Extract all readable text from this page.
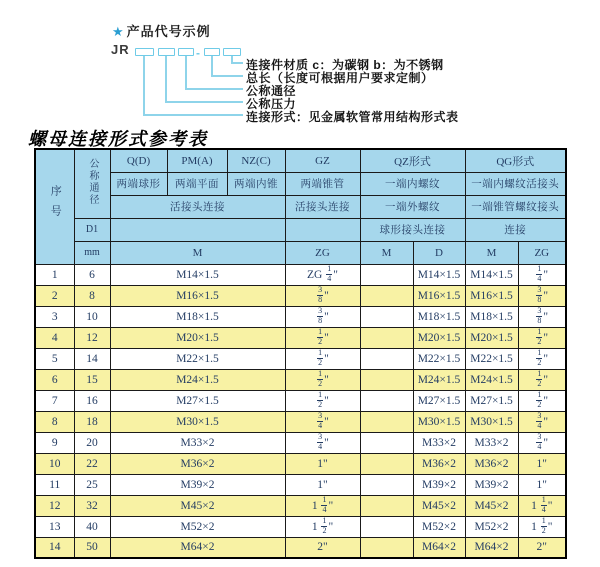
★ 产品代号示例
JR	-
连接件材质 c：为碳钢 b：为不锈钢
总长（长度可根据用户要求定制）
公称通径
公称压力
连接形式：见金属软管常用结构形式表
螺母连接形式参考表
序号	公称通径	Q(D)	PM(A)	NZ(C)	GZ	QZ形式		QG形式	
		两端球形	两端平面	两端内锥	两端锥管	一端内螺纹		一端内螺纹活接头	
		活接头连接			活接头连接	一端外螺纹		一端锥管螺纹接头	
	D1					球形接头连接		连接	
	mm	M			ZG	M	D	M	ZG
1	6	M14×1.5			ZG $\frac{1}{4}$ "		M14×1.5	M14×1.5	$\frac{1}{4}$ "
2	8	M16×1.5			$\frac{3}{8}$ "		M16×1.5	M16×1.5	$\frac{3}{8}$ "
3	10	M18×1.5			$\frac{3}{8}$ "		M18×1.5	M18×1.5	$\frac{3}{8}$ "
4	12	M20×1.5			$\frac{1}{2}$ "		M20×1.5	M20×1.5	$\frac{1}{2}$ "
5	14	M22×1.5			$\frac{1}{2}$ "		M22×1.5	M22×1.5	$\frac{1}{2}$ "
6	15	M24×1.5			$\frac{1}{2}$ "		M24×1.5	M24×1.5	$\frac{1}{2}$ "
7	16	M27×1.5			$\frac{1}{2}$ "		M27×1.5	M27×1.5	$\frac{1}{2}$ "
8	18	M30×1.5			$\frac{3}{4}$ "		M30×1.5	M30×1.5	$\frac{3}{4}$ "
9	20	M33×2			$\frac{3}{4}$ "		M33×2	M33×2	$\frac{3}{4}$ "
10	22	M36×2			1"		M36×2	M36×2	1"
11	25	M39×2			1"		M39×2	M39×2	1"
12	32	M45×2			$1 \frac{1}{4}$ "		M45×2	M45×2	$1 \frac{1}{4}$ "
13	40	M52×2			$1 \frac{1}{2}$ "		M52×2	M52×2	$1 \frac{1}{2}$ "
14	50	M64×2			2"		M64×2	M64×2	2"
